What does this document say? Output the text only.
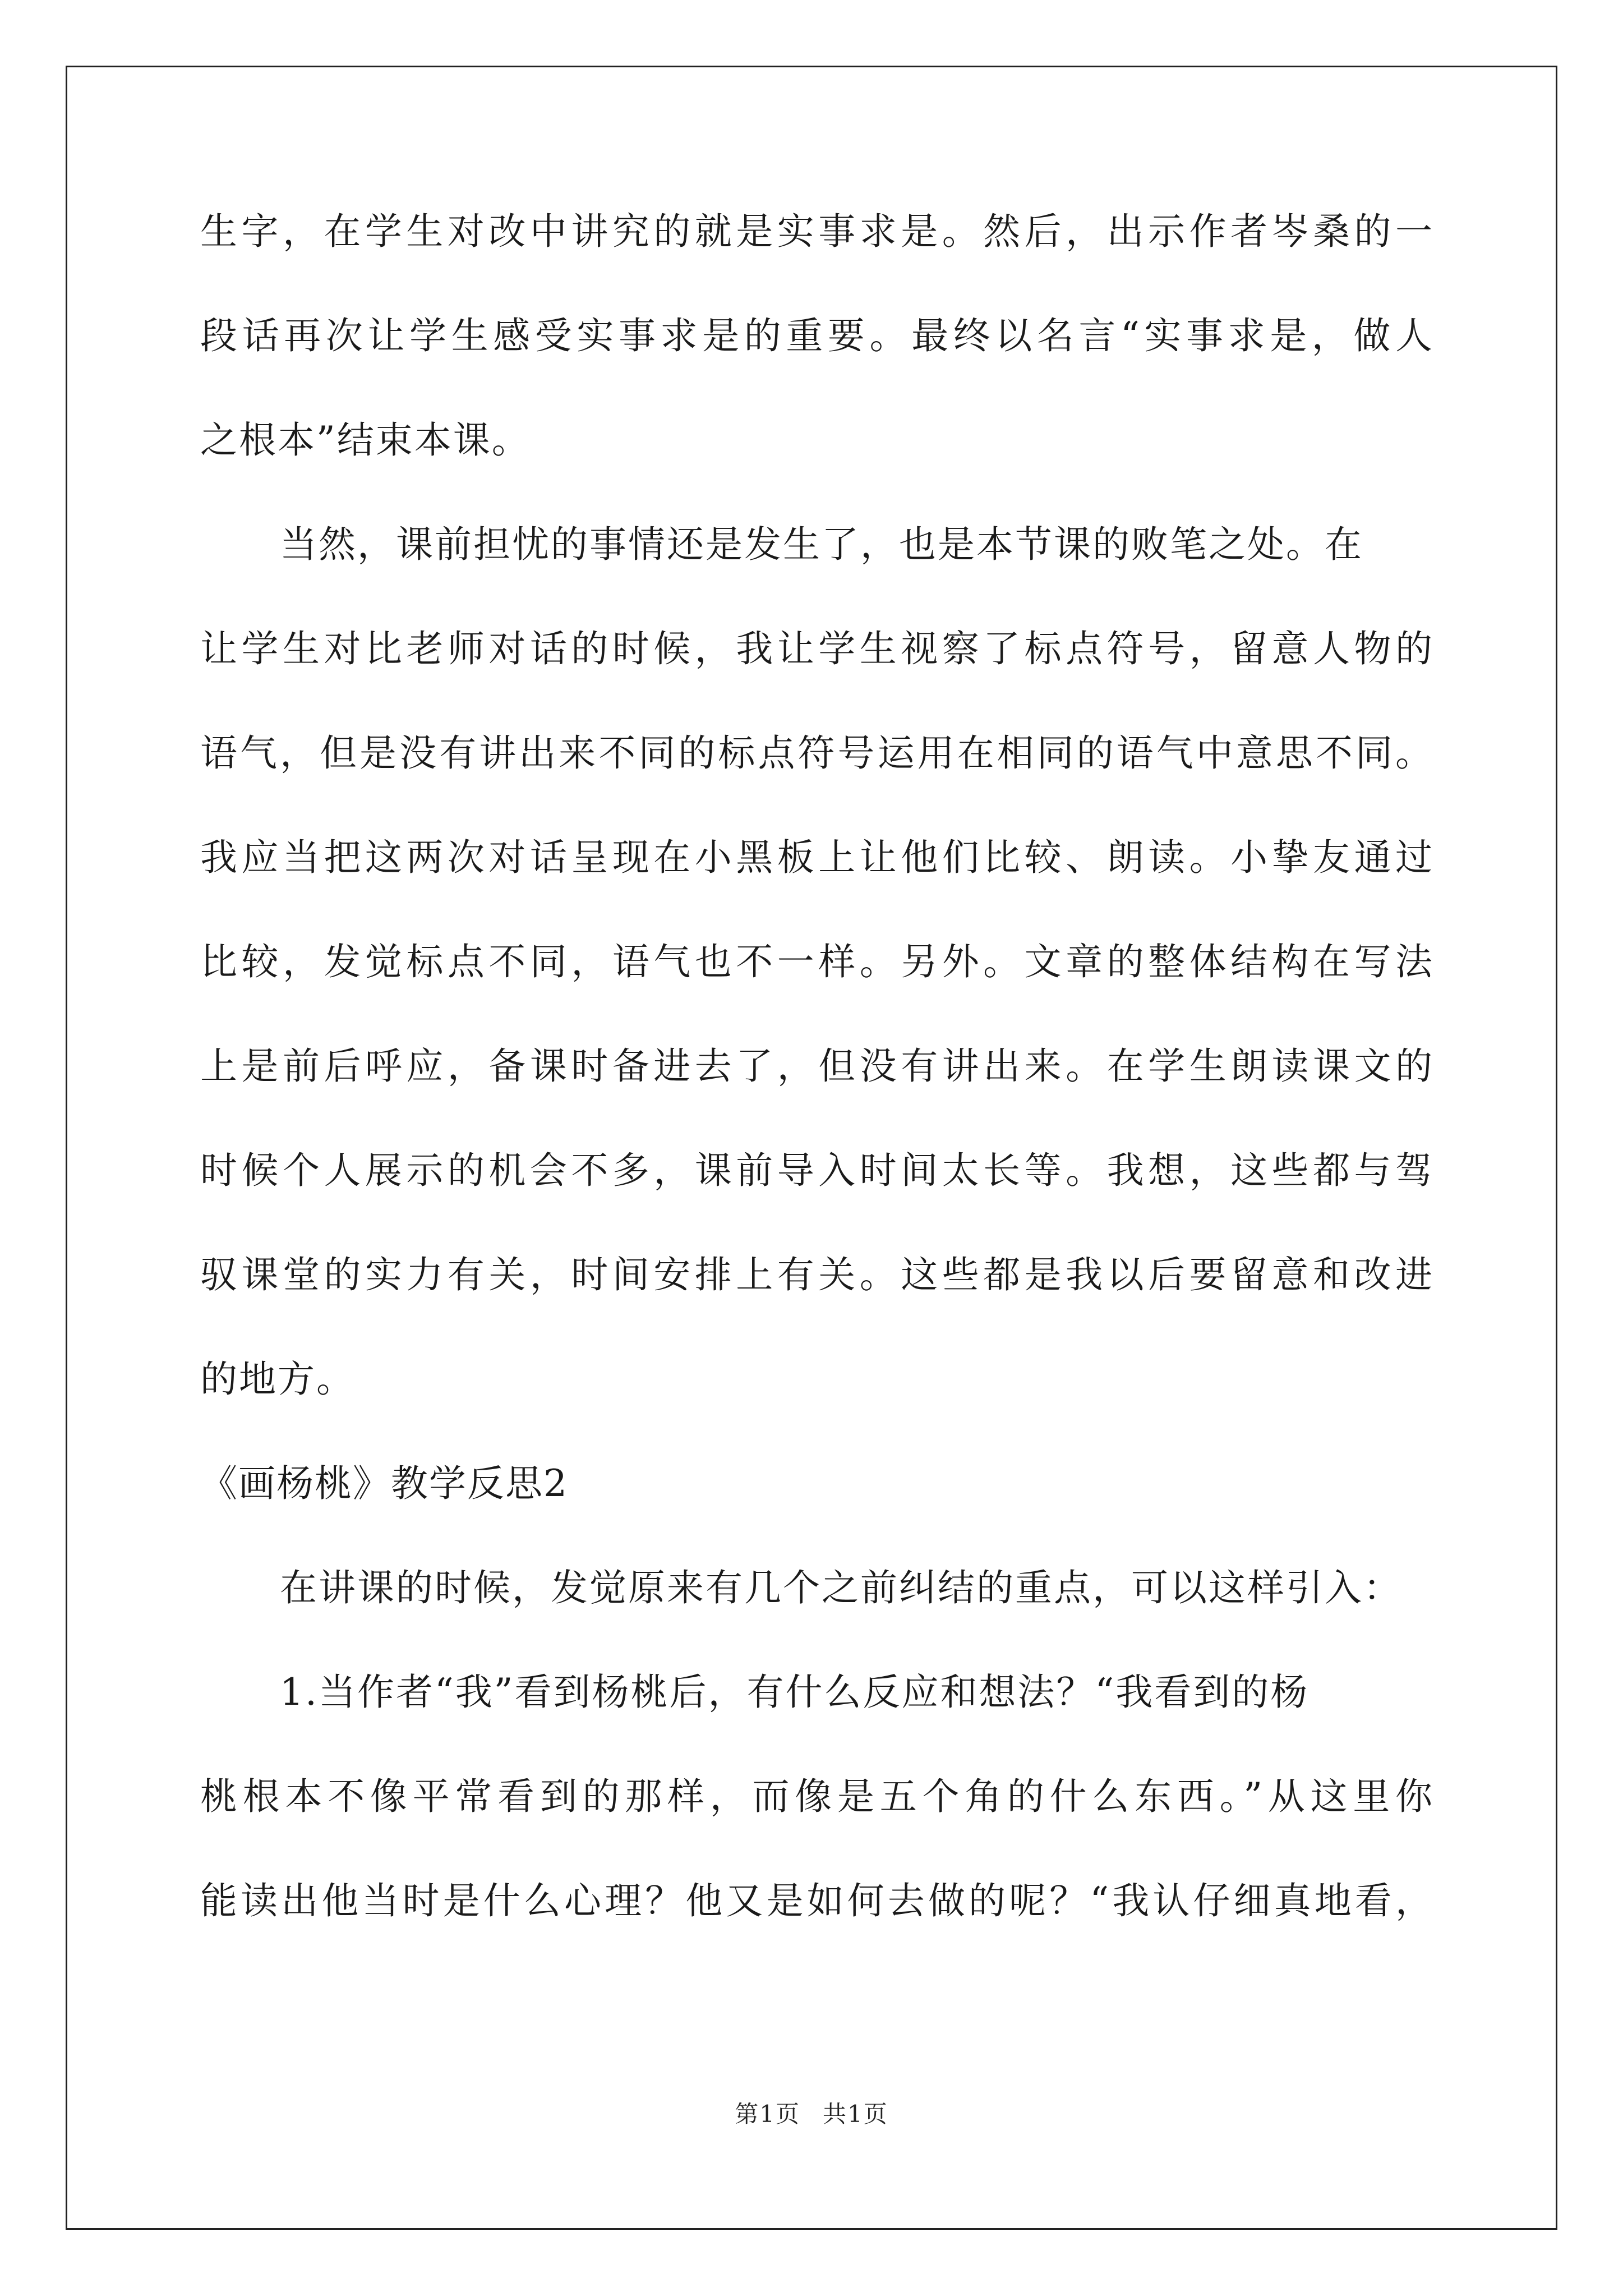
生字，在学生对改中讲究的就是实事求是。然后，出示作者岑桑的一
段话再次让学生感受实事求是的重要。最终以名言“实事求是，做人
之根本”结束本课。
当然，课前担忧的事情还是发生了，也是本节课的败笔之处。在
让学生对比老师对话的时候，我让学生视察了标点符号，留意人物的
语气，但是没有讲出来不同的标点符号运用在相同的语气中意思不同。
我应当把这两次对话呈现在小黑板上让他们比较、朗读。小挚友通过
比较，发觉标点不同，语气也不一样。另外。文章的整体结构在写法
上是前后呼应，备课时备进去了，但没有讲出来。在学生朗读课文的
时候个人展示的机会不多，课前导入时间太长等。我想，这些都与驾
驭课堂的实力有关，时间安排上有关。这些都是我以后要留意和改进
的地方。
《画杨桃》教学反思2
在讲课的时候，发觉原来有几个之前纠结的重点，可以这样引入：
1.当作者“我”看到杨桃后，有什么反应和想法？“我看到的杨
桃根本不像平常看到的那样，而像是五个角的什么东西。”从这里你
能读出他当时是什么心理？他又是如何去做的呢？“我认仔细真地看，
第1页 共1页
